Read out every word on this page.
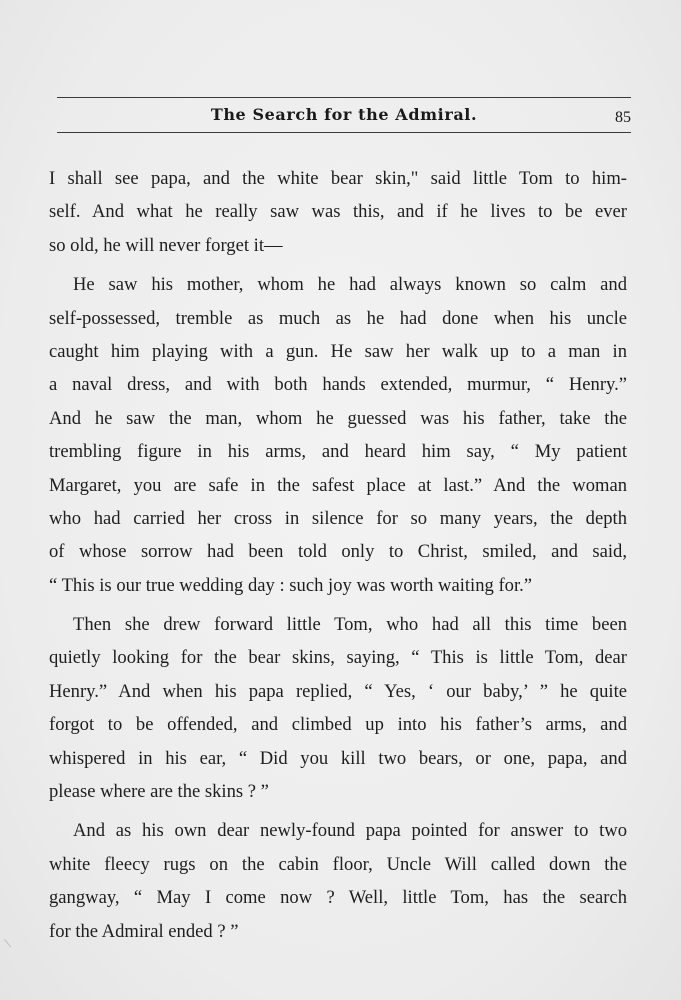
The Search for the Admiral.	85
I shall see papa, and the white bear skin," said little Tom to him-
self. And what he really saw was this, and if he lives to be ever
so old, he will never forget it—
He saw his mother, whom he had always known so calm and
self-possessed, tremble as much as he had done when his uncle
caught him playing with a gun. He saw her walk up to a man in
a naval dress, and with both hands extended, murmur, “ Henry.”
And he saw the man, whom he guessed was his father, take the
trembling figure in his arms, and heard him say, “ My patient
Margaret, you are safe in the safest place at last.” And the woman
who had carried her cross in silence for so many years, the depth
of whose sorrow had been told only to Christ, smiled, and said,
“ This is our true wedding day : such joy was worth waiting for.”
Then she drew forward little Tom, who had all this time been
quietly looking for the bear skins, saying, “ This is little Tom, dear
Henry.” And when his papa replied, “ Yes, ‘ our baby,’ ” he quite
forgot to be offended, and climbed up into his father’s arms, and
whispered in his ear, “ Did you kill two bears, or one, papa, and
please where are the skins ? ”
And as his own dear newly-found papa pointed for answer to two
white fleecy rugs on the cabin floor, Uncle Will called down the
gangway, “ May I come now ? Well, little Tom, has the search
for the Admiral ended ? ”
